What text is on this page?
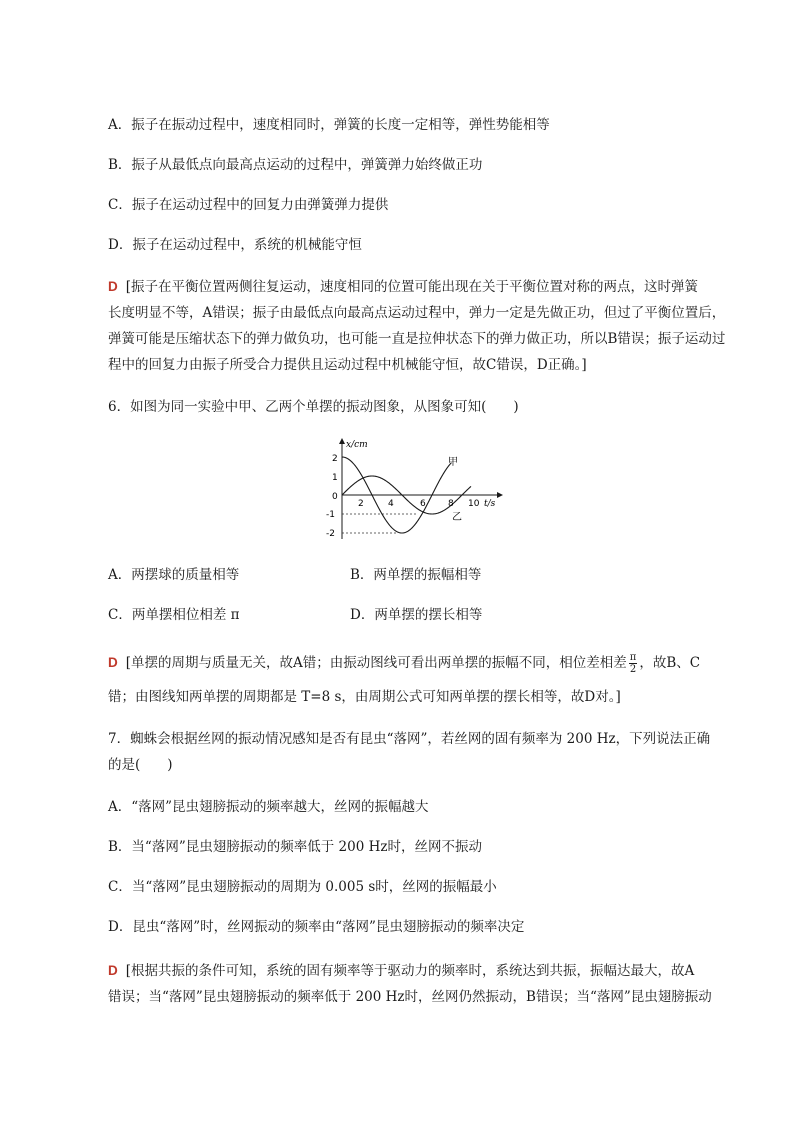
A．振子在振动过程中，速度相同时，弹簧的长度一定相等，弹性势能相等
B．振子从最低点向最高点运动的过程中，弹簧弹力始终做正功
C．振子在运动过程中的回复力由弹簧弹力提供
D．振子在运动过程中，系统的机械能守恒
D [振子在平衡位置两侧往复运动，速度相同的位置可能出现在关于平衡位置对称的两点，这时弹簧
长度明显不等，A错误；振子由最低点向最高点运动过程中，弹力一定是先做正功，但过了平衡位置后，
弹簧可能是压缩状态下的弹力做负功，也可能一直是拉伸状态下的弹力做正功，所以B错误；振子运动过
程中的回复力由振子所受合力提供且运动过程中机械能守恒，故C错误，D正确。]
6．如图为同一实验中甲、乙两个单摆的振动图象，从图象可知(　　)
x/cm
t/s
2
1
0
-1
-2
2	4	6 8 10
甲
乙
A．两摆球的质量相等	B．两单摆的振幅相等
C．两单摆相位相差 π	D．两单摆的摆长相等
D [单摆的周期与质量无关，故A错；由振动图线可看出两单摆的振幅不同，相位差相差 $\frac{\pi}{2}$ ，故B、C
错；由图线知两单摆的周期都是 T=8 s，由周期公式可知两单摆的摆长相等，故D对。]
7．蜘蛛会根据丝网的振动情况感知是否有昆虫“落网”，若丝网的固有频率为 200 Hz，下列说法正确
的是(　　)
A．“落网”昆虫翅膀振动的频率越大，丝网的振幅越大
B．当“落网”昆虫翅膀振动的频率低于 200 Hz时，丝网不振动
C．当“落网”昆虫翅膀振动的周期为 0.005 s时，丝网的振幅最小
D．昆虫“落网”时，丝网振动的频率由“落网”昆虫翅膀振动的频率决定
D [根据共振的条件可知，系统的固有频率等于驱动力的频率时，系统达到共振，振幅达最大，故A
错误；当“落网”昆虫翅膀振动的频率低于 200 Hz时，丝网仍然振动，B错误；当“落网”昆虫翅膀振动
